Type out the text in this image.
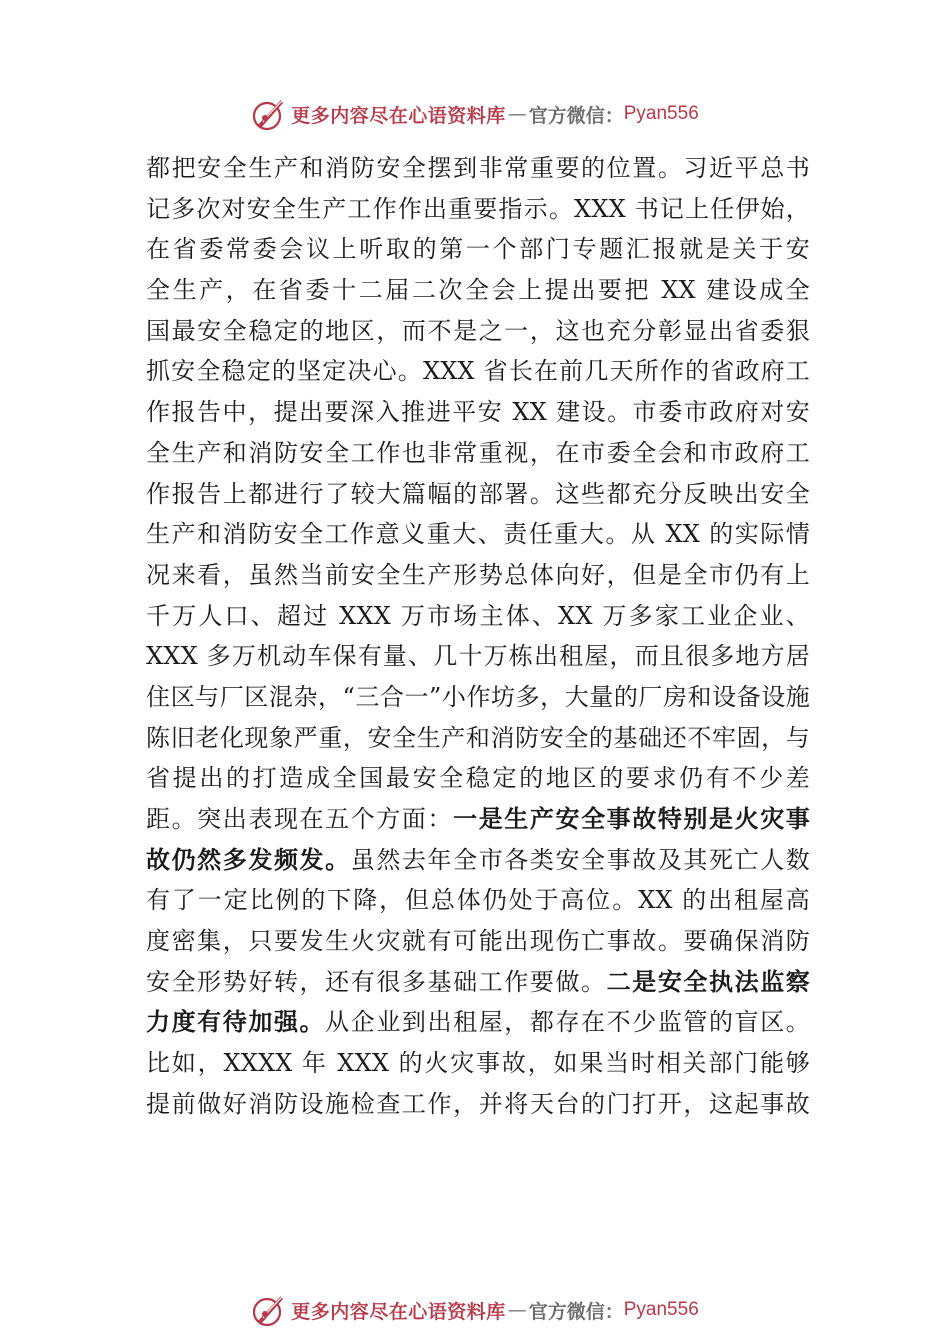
更多内容尽在心语资料库 — 官方微信： Pyan556
都把安全生产和消防安全摆到非常重要的位置。习近平总书
记多次对安全生产工作作出重要指示。XXX 书记上任伊始，
在省委常委会议上听取的第一个部门专题汇报就是关于安
全生产，在省委十二届二次全会上提出要把 XX 建设成全
国最安全稳定的地区，而不是之一，这也充分彰显出省委狠
抓安全稳定的坚定决心。XXX 省长在前几天所作的省政府工
作报告中，提出要深入推进平安 XX 建设。市委市政府对安
全生产和消防安全工作也非常重视，在市委全会和市政府工
作报告上都进行了较大篇幅的部署。这些都充分反映出安全
生产和消防安全工作意义重大、责任重大。从 XX 的实际情
况来看，虽然当前安全生产形势总体向好，但是全市仍有上
千万人口、超过 XXX 万市场主体、XX 万多家工业企业、
XXX 多万机动车保有量、几十万栋出租屋，而且很多地方居
住区与厂区混杂，“三合一”小作坊多，大量的厂房和设备设施
陈旧老化现象严重，安全生产和消防安全的基础还不牢固，与
省提出的打造成全国最安全稳定的地区的要求仍有不少差
距。突出表现在五个方面：一是生产安全事故特别是火灾事
故仍然多发频发。虽然去年全市各类安全事故及其死亡人数
有了一定比例的下降，但总体仍处于高位。XX 的出租屋高
度密集，只要发生火灾就有可能出现伤亡事故。要确保消防
安全形势好转，还有很多基础工作要做。二是安全执法监察
力度有待加强。从企业到出租屋，都存在不少监管的盲区。
比如，XXXX 年 XXX 的火灾事故，如果当时相关部门能够
提前做好消防设施检查工作，并将天台的门打开，这起事故
更多内容尽在心语资料库 — 官方微信： Pyan556
